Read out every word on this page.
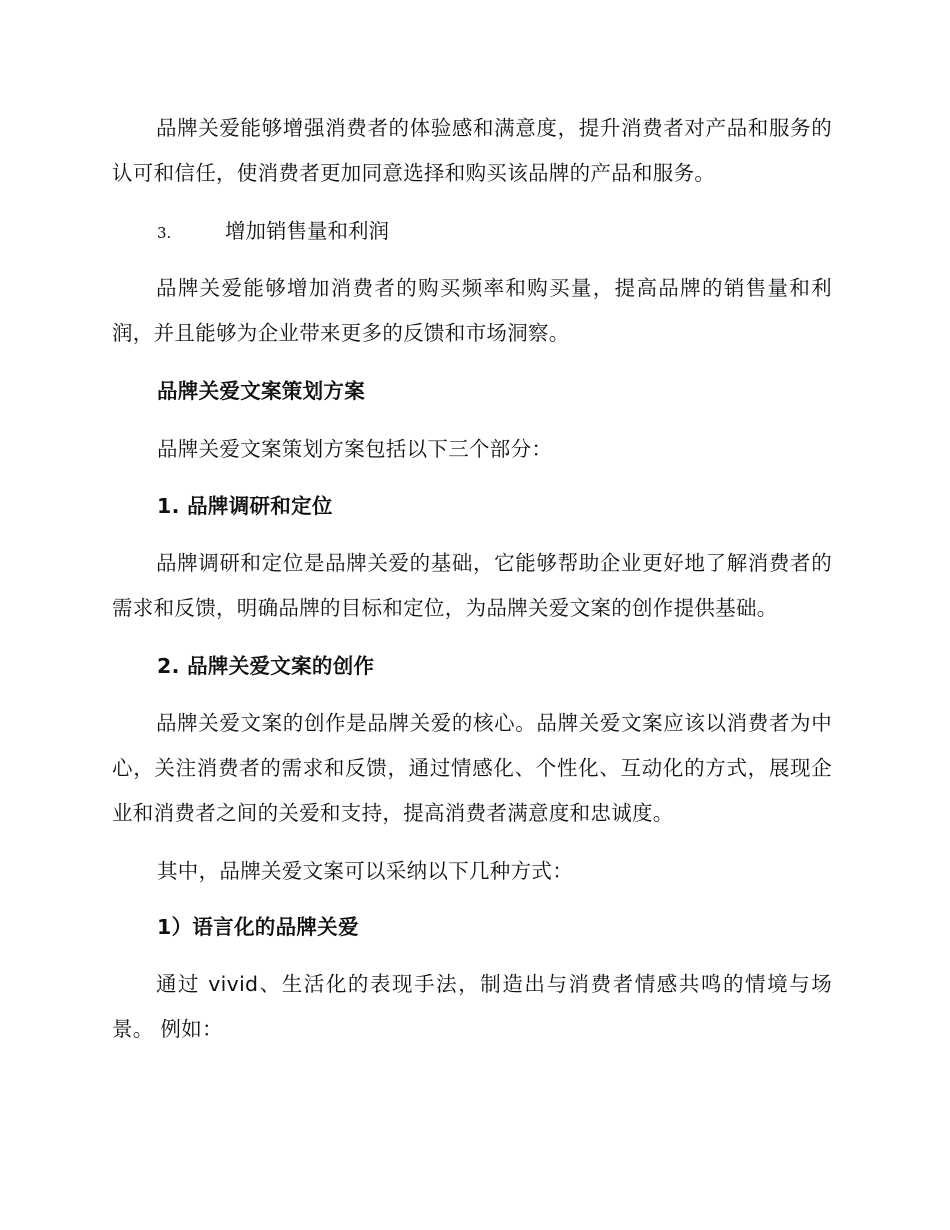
品牌关爱能够增强消费者的体验感和满意度，提升消费者对产品和服务的认可和信任，使消费者更加同意选择和购买该品牌的产品和服务。

3.	增加销售量和利润

品牌关爱能够增加消费者的购买频率和购买量，提高品牌的销售量和利润，并且能够为企业带来更多的反馈和市场洞察。

品牌关爱文案策划方案

品牌关爱文案策划方案包括以下三个部分：

1. 品牌调研和定位

品牌调研和定位是品牌关爱的基础，它能够帮助企业更好地了解消费者的需求和反馈，明确品牌的目标和定位，为品牌关爱文案的创作提供基础。

2. 品牌关爱文案的创作

品牌关爱文案的创作是品牌关爱的核心。品牌关爱文案应该以消费者为中心，关注消费者的需求和反馈，通过情感化、个性化、互动化的方式，展现企业和消费者之间的关爱和支持，提高消费者满意度和忠诚度。

其中，品牌关爱文案可以采纳以下几种方式：

1）语言化的品牌关爱

通过 vivid、生活化的表现手法，制造出与消费者情感共鸣的情境与场景。 例如：
